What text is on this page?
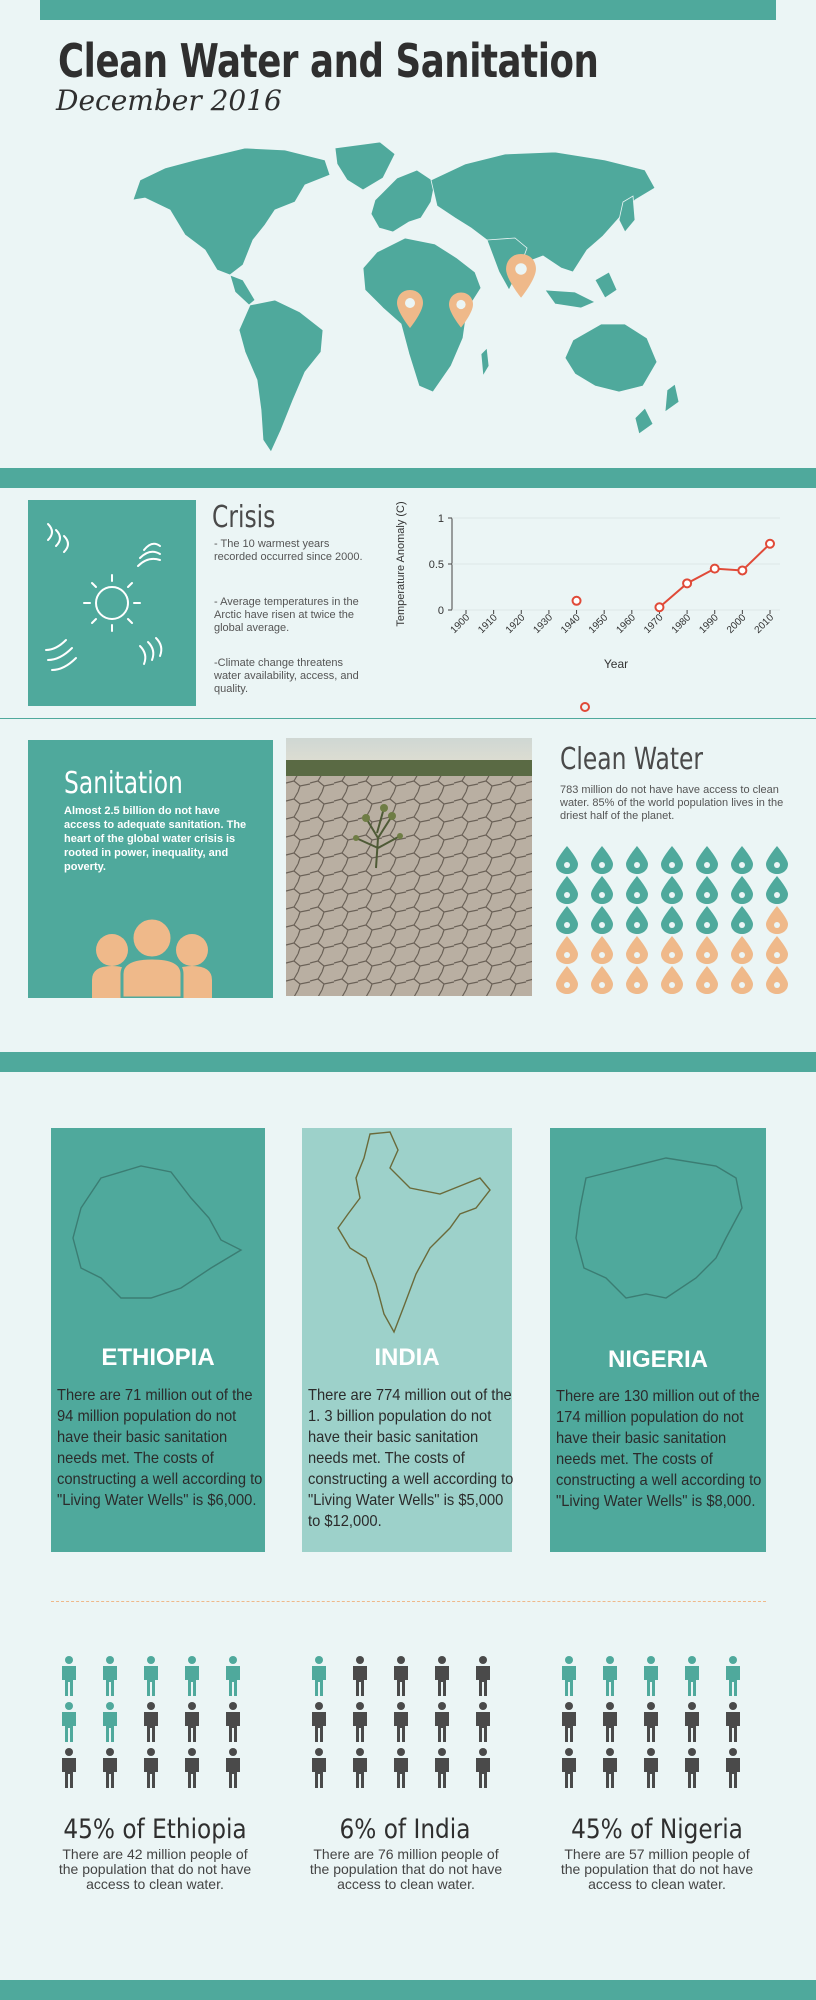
Clean Water and Sanitation
December 2016
Crisis
- The 10 warmest years recorded occurred since 2000.
- Average temperatures in the Arctic have risen at twice the global average.
-Climate change threatens water availability, access, and quality.
0
0.5
1
1900 1910 1920 1930 1940 1950 1960 1970 1980 1990 2000 2010
Temperature Anomaly (C)
Year
Sanitation
Almost 2.5 billion do not have access to adequate sanitation. The heart of the global water crisis is rooted in power, inequality, and poverty.
Clean Water
783 million do not have have access to clean water. 85% of the world population lives in the driest half of the planet.
ETHIOPIA
There are 71 million out of the 94 million population do not have their basic sanitation needs met. The costs of constructing a well according to "Living Water Wells" is $6,000.
INDIA
There are 774 million out of the 1. 3 billion population do not have their basic sanitation needs met. The costs of constructing a well according to "Living Water Wells" is $5,000 to $12,000.
NIGERIA
There are 130 million out of the 174 million population do not have their basic sanitation needs met. The costs of constructing a well according to "Living Water Wells" is $8,000.
45% of Ethiopia
There are 42 million people of the population that do not have access to clean water.
6% of India
There are 76 million people of the population that do not have access to clean water.
45% of Nigeria
There are 57 million people of the population that do not have access to clean water.
